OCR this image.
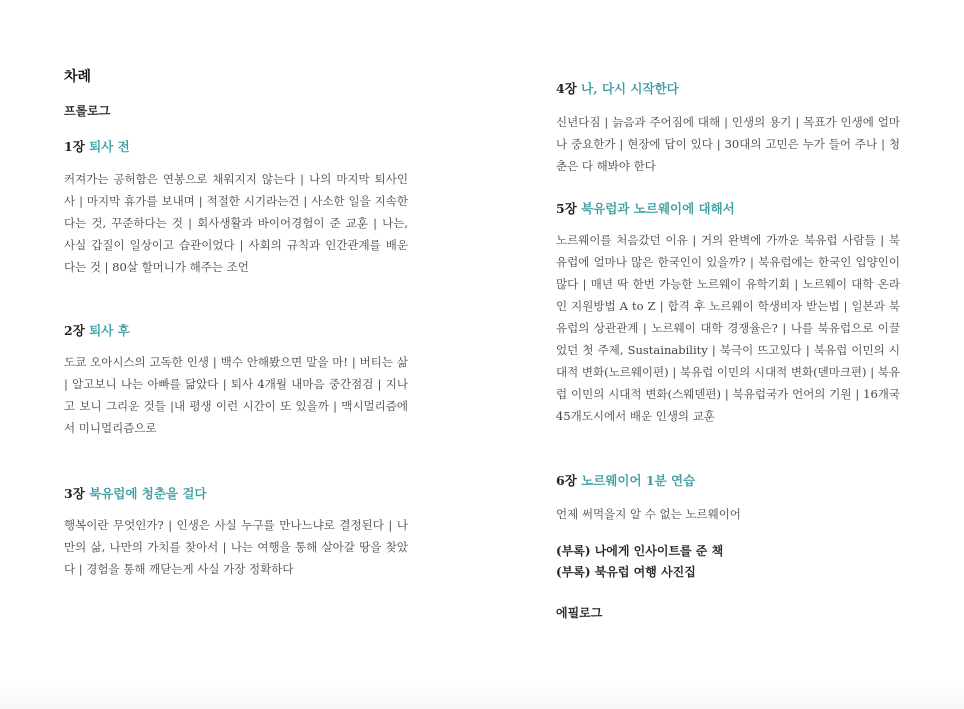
차례
프롤로그
1장 퇴사 전

커져가는 공허함은 연봉으로 채워지지 않는다 | 나의 마지막 퇴사인사 | 마지막 휴가를 보내며 | 적절한 시기라는건 | 사소한 일을 지속한다는 것, 꾸준하다는 것 | 회사생활과 바이어경험이 준 교훈 | 나는, 사실 갑질이 일상이고 습관이었다 | 사회의 규칙과 인간관계를 배운다는 것 | 80살 할머니가 해주는 조언

2장 퇴사 후

도쿄 오아시스의 고독한 인생 | 백수 안해봤으면 말을 마! | 버티는 삶 | 알고보니 나는 아빠를 닮았다 | 퇴사 4개월 내마음 중간점검 | 지나고 보니 그리운 것들 |내 평생 이런 시간이 또 있을까 | 맥시멀리즘에서 미니멀리즘으로

3장 북유럽에 청춘을 걸다

행복이란 무엇인가? | 인생은 사실 누구를 만나느냐로 결정된다 | 나만의 삶, 나만의 가치를 찾아서 | 나는 여행을 통해 살아갈 땅을 찾았다 | 경험을 통해 깨닫는게 사실 가장 정확하다

4장 나, 다시 시작한다

신년다짐 | 늙음과 주어짐에 대해 | 인생의 용기 | 목표가 인생에 얼마나 중요한가 | 현장에 답이 있다 | 30대의 고민은 누가 들어 주나 | 청춘은 다 해봐야 한다

5장 북유럽과 노르웨이에 대해서

노르웨이를 처음갔던 이유 | 거의 완벽에 가까운 북유럽 사람들 | 북유럽에 얼마나 많은 한국인이 있을까? | 북유럽에는 한국인 입양인이 많다 | 매년 딱 한번 가능한 노르웨이 유학기회 | 노르웨이 대학 온라인 지원방법 A to Z | 합격 후 노르웨이 학생비자 받는법 | 일본과 북유럽의 상관관계 | 노르웨이 대학 경쟁율은? | 나를 북유럽으로 이끌었던 첫 주제, Sustainability | 북극이 뜨고있다 | 북유럽 이민의 시대적 변화(노르웨이편) | 북유럽 이민의 시대적 변화(덴마크편) | 북유럽 이민의 시대적 변화(스웨덴편) | 북유럽국가 언어의 기원 | 16개국 45개도시에서 배운 인생의 교훈

6장 노르웨이어 1분 연습

언제 써먹을지 알 수 없는 노르웨이어

(부록) 나에게 인사이트를 준 책
(부록) 북유럽 여행 사진집
에필로그
